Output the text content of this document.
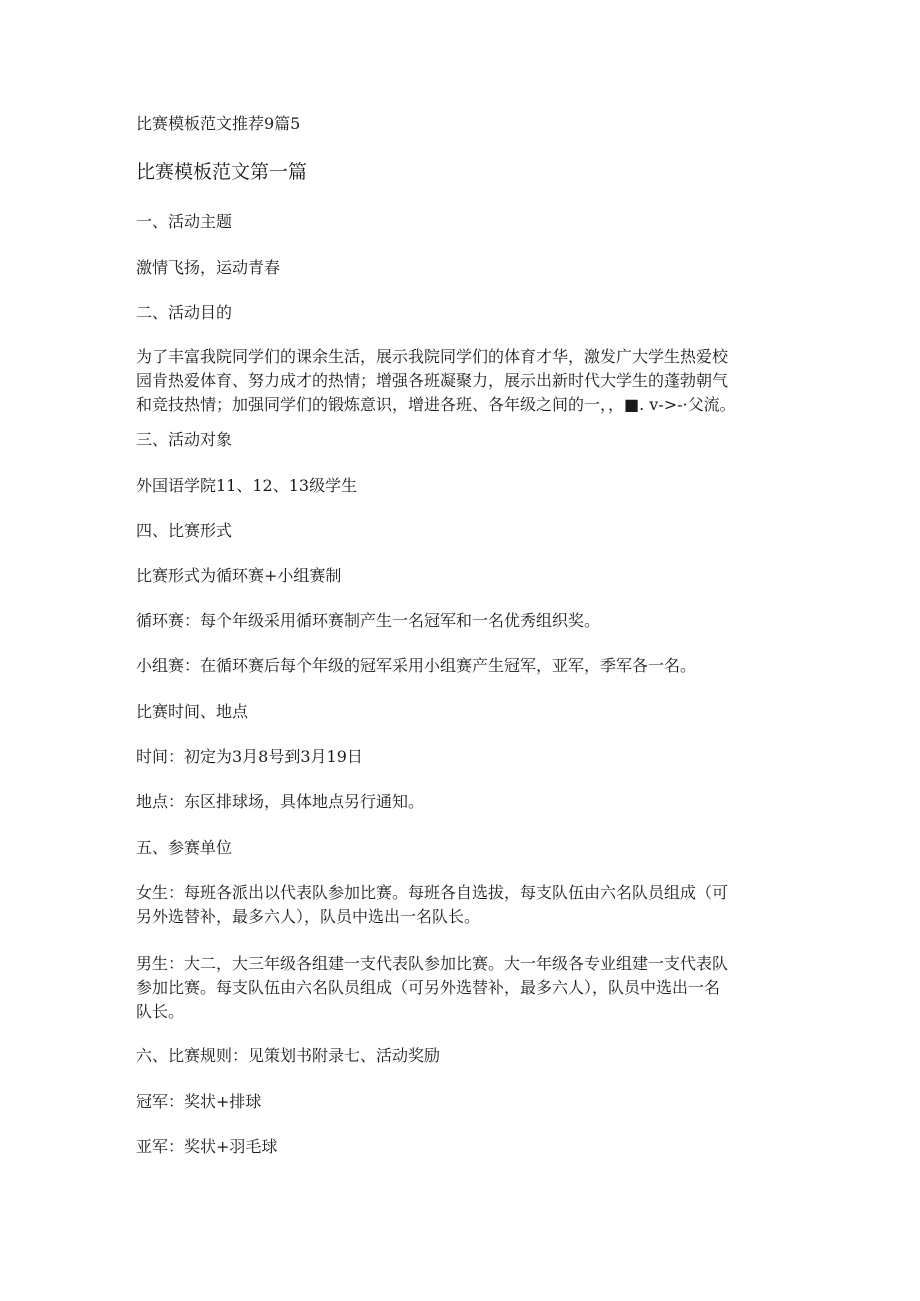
比赛模板范文推荐9篇5
比赛模板范文第一篇
一、活动主题
激情飞扬，运动青春
二、活动目的
为了丰富我院同学们的课余生活，展示我院同学们的体育才华，激发广大学生热爱校
园肯热爱体育、努力成才的热情；增强各班凝聚力，展示出新时代大学生的蓬勃朝气
和竞技热情；加强同学们的锻炼意识，增进各班、各年级之间的一，，■. v->-·父流。
三、活动对象
外国语学院11、12、13级学生
四、比赛形式
比赛形式为循环赛+小组赛制
循环赛：每个年级采用循环赛制产生一名冠军和一名优秀组织奖。
小组赛：在循环赛后每个年级的冠军采用小组赛产生冠军，亚军，季军各一名。
比赛时间、地点
时间：初定为3月8号到3月19日
地点：东区排球场，具体地点另行通知。
五、参赛单位
女生：每班各派出以代表队参加比赛。每班各自选拔，每支队伍由六名队员组成（可
另外选替补，最多六人），队员中选出一名队长。
男生：大二，大三年级各组建一支代表队参加比赛。大一年级各专业组建一支代表队
参加比赛。每支队伍由六名队员组成（可另外选替补，最多六人），队员中选出一名
队长。
六、比赛规则：见策划书附录七、活动奖励
冠军：奖状+排球
亚军：奖状+羽毛球
